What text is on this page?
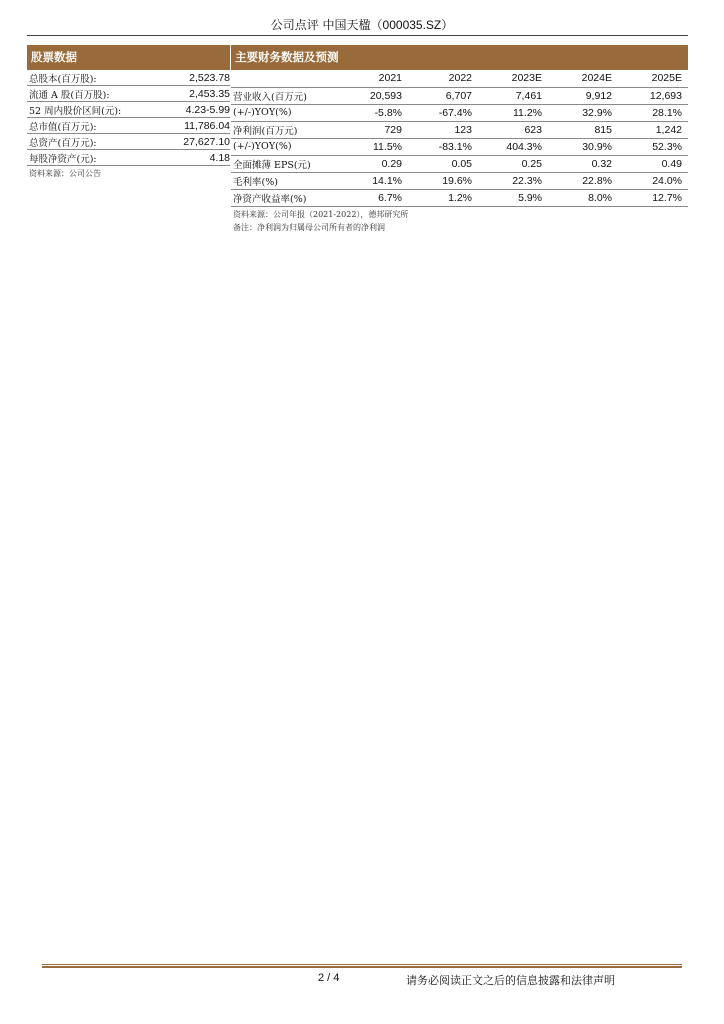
公司点评 中国天楹（000035.SZ）
股票数据
总股本(百万股):	2,523.78
流通 A 股(百万股):	2,453.35
52 周内股价区间(元):	4.23-5.99
总市值(百万元):	11,786.04
总资产(百万元):	27,627.10
每股净资产(元):	4.18
资料来源：公司公告
主要财务数据及预测
	2021	2022	2023E	2024E	2025E
营业收入(百万元)	20,593	6,707	7,461	9,912	12,693
(+/-)YOY(%)	-5.8%	-67.4%	11.2%	32.9%	28.1%
净利润(百万元)	729	123	623	815	1,242
(+/-)YOY(%)	11.5%	-83.1%	404.3%	30.9%	52.3%
全面摊薄 EPS(元)	0.29	0.05	0.25	0.32	0.49
毛利率(%)	14.1%	19.6%	22.3%	22.8%	24.0%
净资产收益率(%)	6.7%	1.2%	5.9%	8.0%	12.7%
资料来源：公司年报（2021-2022），德邦研究所
备注：净利润为归属母公司所有者的净利润
2 / 4	请务必阅读正文之后的信息披露和法律声明
